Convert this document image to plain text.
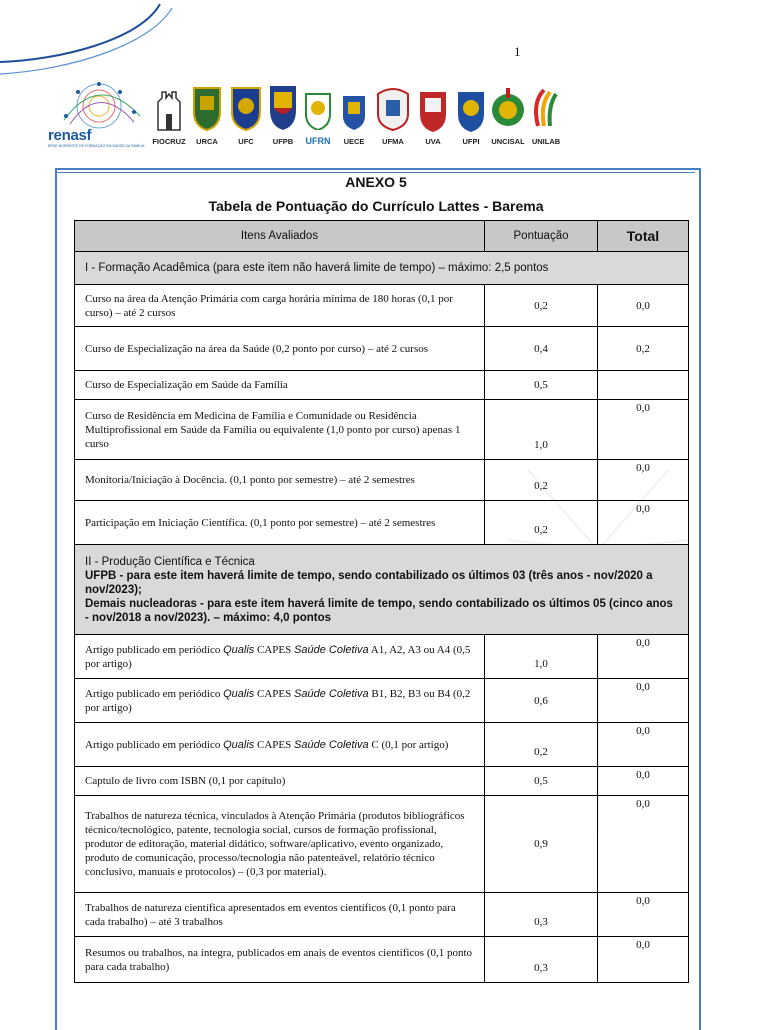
1
renasf
REDE NORDESTE DE FORMAÇÃO EM SAÚDE DA FAMÍLIA FIOCRUZ	URCA	UFC	UFPB	UFRN	UECE	UFMA	UVA	UFPI	UNCISAL UNILAB
ANEXO 5
Tabela de Pontuação do Currículo Lattes - Barema
Itens Avaliados	Pontuação	Total
I - Formação Acadêmica (para este item não haverá limite de tempo) – máximo: 2,5 pontos		
Curso na área da Atenção Primária com carga horária mínima de 180 horas (0,1 por curso) – até 2 cursos	0,2	0,0
Curso de Especialização na área da Saúde (0,2 ponto por curso) – até 2 cursos	0,4	0,2
Curso de Especialização em Saúde da Família	0,5	
Curso de Residência em Medicina de Família e Comunidade ou Residência Multiprofissional em Saúde da Família ou equivalente (1,0 ponto por curso) apenas 1 curso	1,0	0,0

Monitoria/Iniciação à Docência. (0,1 ponto por semestre) – até 2 semestres	0,2	0,0

Participação em Iniciação Científica. (0,1 ponto por semestre) – até 2 semestres	0,2	0,0

II - Produção Científica e Técnica
UFPB - para este item haverá limite de tempo, sendo contabilizado os últimos 03 (três anos - nov/2020 a nov/2023);
Demais nucleadoras - para este item haverá limite de tempo, sendo contabilizado os últimos 05 (cinco anos - nov/2018 a nov/2023). – máximo: 4,0 pontos		

Artigo publicado em periódico Qualis CAPES Saúde Coletiva A1, A2, A3 ou A4 (0,5 por artigo)	1,0	0,0

Artigo publicado em periódico Qualis CAPES Saúde Coletiva B1, B2, B3 ou B4 (0,2 por artigo)	0,6	0,0

Artigo publicado em periódico Qualis CAPES Saúde Coletiva C (0,1 por artigo)	0,2	0,0

Captulo de livro com ISBN (0,1 por capítulo)	0,5	0,0

Trabalhos de natureza técnica, vinculados à Atenção Primária (produtos bibliográficos técnico/tecnológico, patente, tecnologia social, cursos de formação profissional, produtor de editoração, material didático, software/aplicativo, evento organizado, produto de comunicação, processo/tecnologia não patenteável, relatório técnico conclusivo, manuais e protocolos) – (0,3 por material).	0,9	0,0

Trabalhos de natureza científica apresentados em eventos científicos (0,1 ponto para cada trabalho) – até 3 trabalhos	0,3	0,0

Resumos ou trabalhos, na íntegra, publicados em anais de eventos científicos (0,1 ponto para cada trabalho)	0,3	0,0
